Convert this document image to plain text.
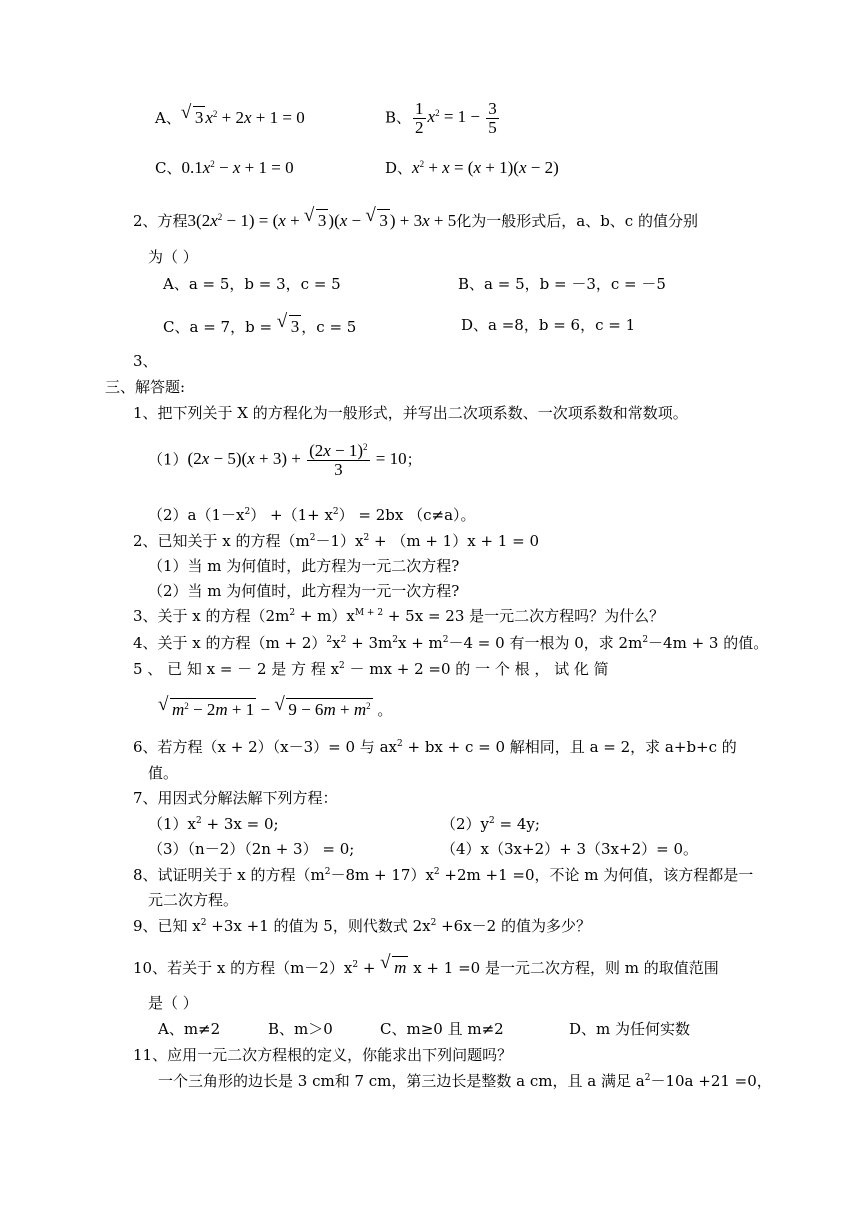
A、 √ 3 $x^2 + 2x + 1 = 0$	B、 $\frac{1}{2} x^2 = 1 - \frac{3}{5}$
C、$0.1x^2 - x + 1 = 0$	D、$x^2 + x = (x + 1)(x - 2)$
2、方程$3(2x^2 - 1) = (x$ + √ 3 )(x − √ 3 ) + 3x + 5化为一般形式后，a、b、c 的值分别
为（ ）
A、a = 5，b = 3，c = 5	B、a = 5，b = －3，c = －5
C、a = 7，b = √ 3 ，c = 5	D、a =8，b = 6，c = 1
3、
三、解答题:
1、把下列关于 X 的方程化为一般形式，并写出二次项系数、一次项系数和常数项。
$(1)(2x - 5)(x + 3) + \frac{(2x - 1)^2}{3} = 10$；
$(2)a(1-x^2) +(1+ x^2) = 2bx$ （c≠a）。
2、已知关于 x 的方程$(m^2-1)x^2 + (m + 1)x + 1 = 0$
（1）当 m 为何值时，此方程为一元二次方程?
（2）当 m 为何值时，此方程为一元一次方程?
3、关于 x 的方程$(2m^2 + m)x^{M + 2} + 5x = 23$ 是一元二次方程吗？为什么？
4、关于 x 的方程$(m + 2)^2x^2 + 3m^2x + m^2-4 = 0$ 有一根为 0，求 $2m^2-4m + 3$ 的值。
5 、 已 知 x = － 2 是 方 程 $x^2$ － mx + 2 =0 的 一 个 根 ， 试 化 简
√ $m^2 - 2m + 1$ − √ $9 - 6m + m^2$ 。
6、若方程（x + 2）（x－3）= 0 与 $ax^2$ + bx + c = 0 解相同，且 a = 2，求 a+b+c 的
值。
7、用因式分解法解下列方程：
$(1)x^2 + 3x = 0$;	$(2)y^2 = 4y$;
（3）（n－2）（2n + 3） = 0;	（4）x（3x+2）+ 3（3x+2）= 0。
8、试证明关于 x 的方程$(m^2-8m + 17)x^2 +2m +1 =0$，不论 m 为何值，该方程都是一
元二次方程。
9、已知 $x^2 +3x +1$ 的值为 5，则代数式 $2x^2 +6x-2$ 的值为多少？
10、若关于 x 的方程$(m-2)x^2$ + √ m x + 1 =0 是一元二次方程，则 m 的取值范围
是（ ）
A、m≠2	B、m＞0	C、m≥0 且 m≠2	D、m 为任何实数
11、应用一元二次方程根的定义，你能求出下列问题吗？
一个三角形的边长是 3 cm和 7 cm，第三边长是整数 a cm，且 a 满足 $a^2-10a +21 =0$，
